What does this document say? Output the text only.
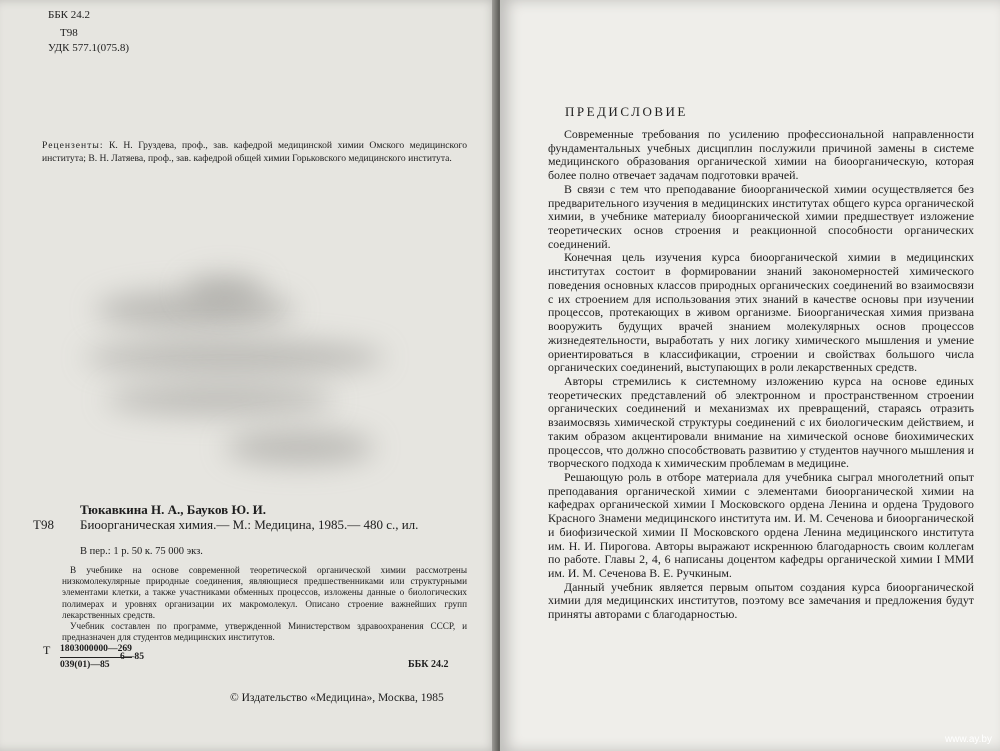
ББК 24.2
Т98
УДК 577.1(075.8)
Рецензенты: К. Н. Груздева, проф., зав. кафедрой медицинской химии Омского медицинского института; В. Н. Латяева, проф., зав. кафедрой общей химии Горьковского медицинского института.
Тюкавкина Н. А., Бауков Ю. И.
Т98 Биоорганическая химия.— М.: Медицина, 1985.— 480 с., ил.
В пер.: 1 р. 50 к. 75 000 экз.

В учебнике на основе современной теоретической органической химии рассмотрены низкомолекулярные природные соединения, являющиеся предшественниками или структурными элементами клетки, а также участниками обменных процессов, изложены данные о биологических полимерах и уровнях организации их макромолекул. Описано строение важнейших групп лекарственных средств.

Учебник составлен по программе, утвержденной Министерством здравоохранения СССР, и предназначен для студентов медицинских институтов.

Т 1803000000—269
6—85
039(01)—85	ББК 24.2
© Издательство «Медицина», Москва, 1985
ПРЕДИСЛОВИЕ

Современные требования по усилению профессиональной направленности фундаментальных учебных дисциплин послужили причиной замены в системе медицинского образования органической химии на биоорганическую, которая более полно отвечает задачам подготовки врачей.

В связи с тем что преподавание биоорганической химии осуществляется без предварительного изучения в медицинских институтах общего курса органической химии, в учебнике материалу биоорганической химии предшествует изложение теоретических основ строения и реакционной способности органических соединений.

Конечная цель изучения курса биоорганической химии в медицинских институтах состоит в формировании знаний закономерностей химического поведения основных классов природных органических соединений во взаимосвязи с их строением для использования этих знаний в качестве основы при изучении процессов, протекающих в живом организме. Биоорганическая химия призвана вооружить будущих врачей знанием молекулярных основ процессов жизнедеятельности, выработать у них логику химического мышления и умение ориентироваться в классификации, строении и свойствах большого числа органических соединений, выступающих в роли лекарственных средств.

Авторы стремились к системному изложению курса на основе единых теоретических представлений об электронном и пространственном строении органических соединений и механизмах их превращений, стараясь отразить взаимосвязь химической структуры соединений с их биологическим действием, и таким образом акцентировали внимание на химической основе биохимических процессов, что должно способствовать развитию у студентов научного мышления и творческого подхода к химическим проблемам в медицине.

Решающую роль в отборе материала для учебника сыграл многолетний опыт преподавания органической химии с элементами биоорганической химии на кафедрах органической химии I Московского ордена Ленина и ордена Трудового Красного Знамени медицинского института им. И. М. Сеченова и биоорганической и биофизической химии II Московского ордена Ленина медицинского института им. Н. И. Пирогова. Авторы выражают искреннюю благодарность своим коллегам по работе. Главы 2, 4, 6 написаны доцентом кафедры органической химии I ММИ им. И. М. Сеченова В. Е. Ручкиным.

Данный учебник является первым опытом создания курса биоорганической химии для медицинских институтов, поэтому все замечания и предложения будут приняты авторами с благодарностью.

www.ay.by
